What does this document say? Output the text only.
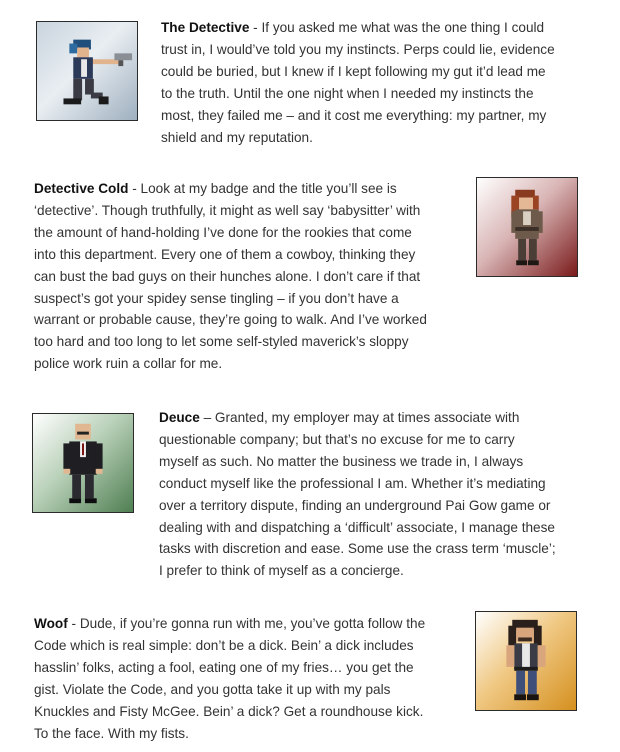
The Detective - If you asked me what was the one thing I could
trust in, I would’ve told you my instincts. Perps could lie, evidence
could be buried, but I knew if I kept following my gut it’d lead me
to the truth. Until the one night when I needed my instincts the
most, they failed me – and it cost me everything: my partner, my
shield and my reputation.
Detective Cold - Look at my badge and the title you’ll see is
‘detective’. Though truthfully, it might as well say ‘babysitter’ with
the amount of hand-holding I’ve done for the rookies that come
into this department. Every one of them a cowboy, thinking they
can bust the bad guys on their hunches alone. I don’t care if that
suspect’s got your spidey sense tingling – if you don’t have a
warrant or probable cause, they’re going to walk. And I’ve worked
too hard and too long to let some self-styled maverick’s sloppy
police work ruin a collar for me.
Deuce – Granted, my employer may at times associate with
questionable company; but that’s no excuse for me to carry
myself as such. No matter the business we trade in, I always
conduct myself like the professional I am. Whether it’s mediating
over a territory dispute, finding an underground Pai Gow game or
dealing with and dispatching a ‘difficult’ associate, I manage these
tasks with discretion and ease. Some use the crass term ‘muscle’;
I prefer to think of myself as a concierge.
Woof - Dude, if you’re gonna run with me, you’ve gotta follow the
Code which is real simple: don’t be a dick. Bein’ a dick includes
hasslin’ folks, acting a fool, eating one of my fries… you get the
gist. Violate the Code, and you gotta take it up with my pals
Knuckles and Fisty McGee. Bein’ a dick? Get a roundhouse kick.
To the face. With my fists.
